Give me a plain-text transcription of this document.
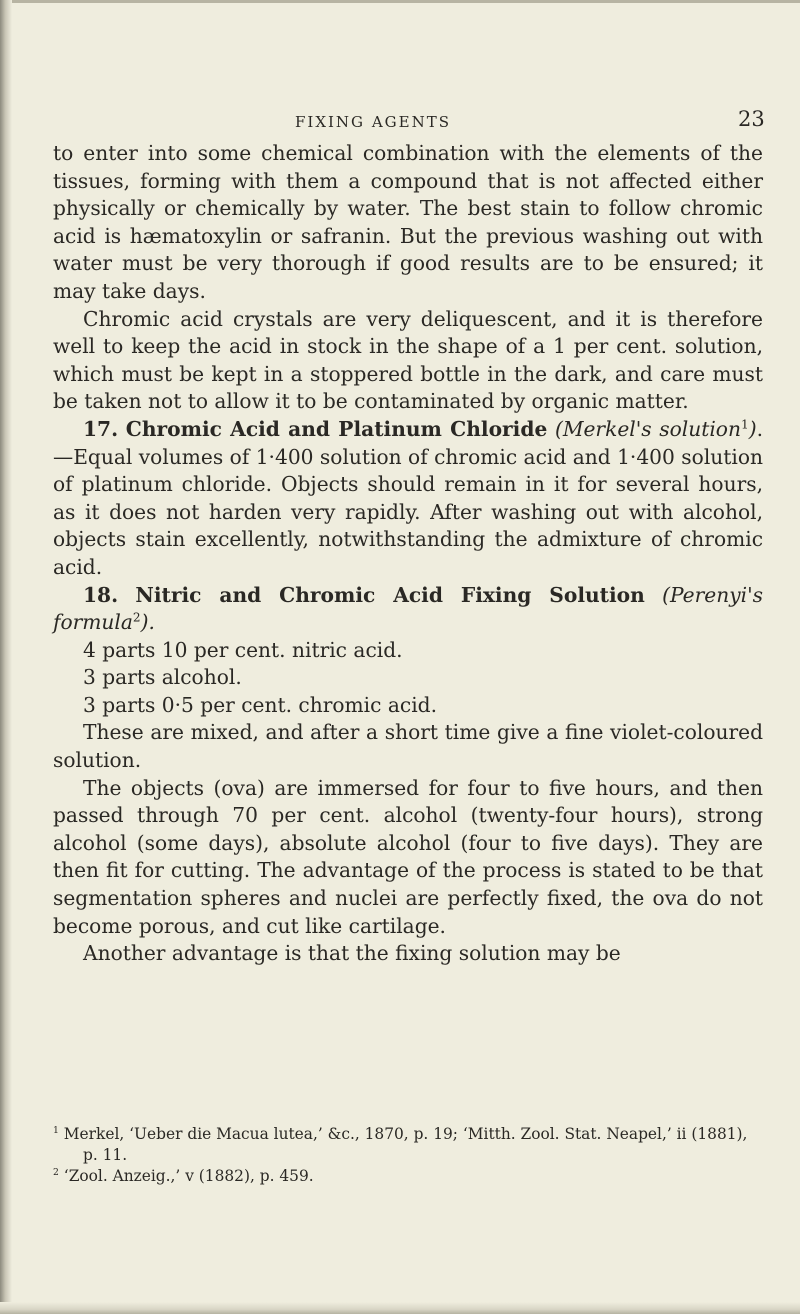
FIXING AGENTS	23

to enter into some chemical combination with the elements of the tissues, forming with them a compound that is not affected either physically or chemically by water. The best stain to follow chromic acid is hæmatoxylin or safranin. But the previous washing out with water must be very thorough if good results are to be ensured; it may take days.

Chromic acid crystals are very deliquescent, and it is therefore well to keep the acid in stock in the shape of a 1 per cent. solution, which must be kept in a stoppered bottle in the dark, and care must be taken not to allow it to be contaminated by organic matter.

17. Chromic Acid and Platinum Chloride (Merkel's solution$^1$).—Equal volumes of 1·400 solution of chromic acid and 1·400 solution of platinum chloride. Objects should remain in it for several hours, as it does not harden very rapidly. After washing out with alcohol, objects stain excellently, notwithstanding the admixture of chromic acid.

18. Nitric and Chromic Acid Fixing Solution (Perenyi's formula$^2$).

4 parts 10 per cent. nitric acid.
3 parts alcohol.
3 parts 0·5 per cent. chromic acid.

These are mixed, and after a short time give a fine violet-coloured solution.

The objects (ova) are immersed for four to five hours, and then passed through 70 per cent. alcohol (twenty-four hours), strong alcohol (some days), absolute alcohol (four to five days). They are then fit for cutting. The advantage of the process is stated to be that segmentation spheres and nuclei are perfectly fixed, the ova do not become porous, and cut like cartilage.

Another advantage is that the fixing solution may be

$^1$ Merkel, ‘Ueber die Macua lutea,’ &c., 1870, p. 19; ‘Mitth. Zool. Stat. Neapel,’ ii (1881), p. 11.

$^2$ ‘Zool. Anzeig.,’ v (1882), p. 459.
